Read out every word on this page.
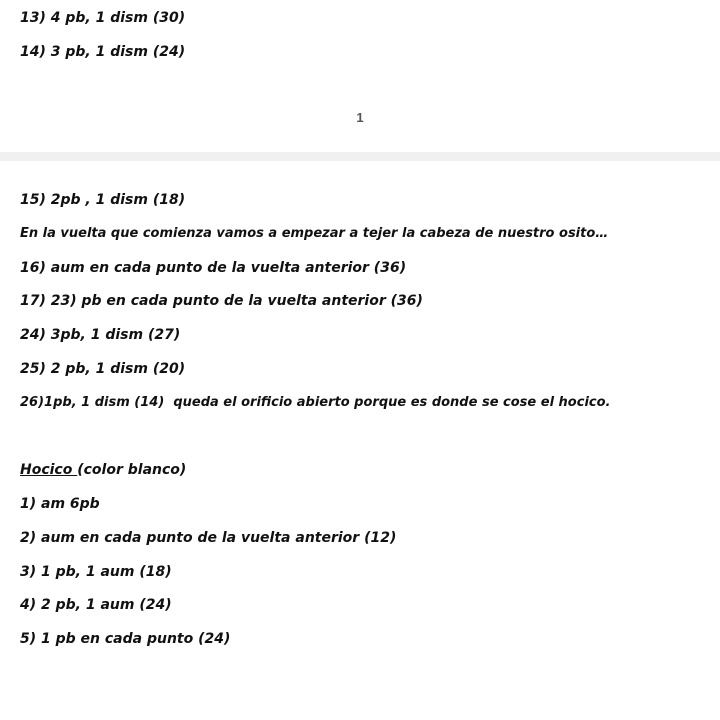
13) 4 pb, 1 dism (30)

14) 3 pb, 1 dism (24)

1

15) 2pb , 1 dism (18)

En la vuelta que comienza vamos a empezar a tejer la cabeza de nuestro osito…

16) aum en cada punto de la vuelta anterior (36)

17) 23) pb en cada punto de la vuelta anterior (36)

24) 3pb, 1 dism (27)

25) 2 pb, 1 dism (20)

26)1pb, 1 dism (14)  queda el orificio abierto porque es donde se cose el hocico.

Hocico (color blanco)

1) am 6pb

2) aum en cada punto de la vuelta anterior (12)

3) 1 pb, 1 aum (18)

4) 2 pb, 1 aum (24)

5) 1 pb en cada punto (24)
